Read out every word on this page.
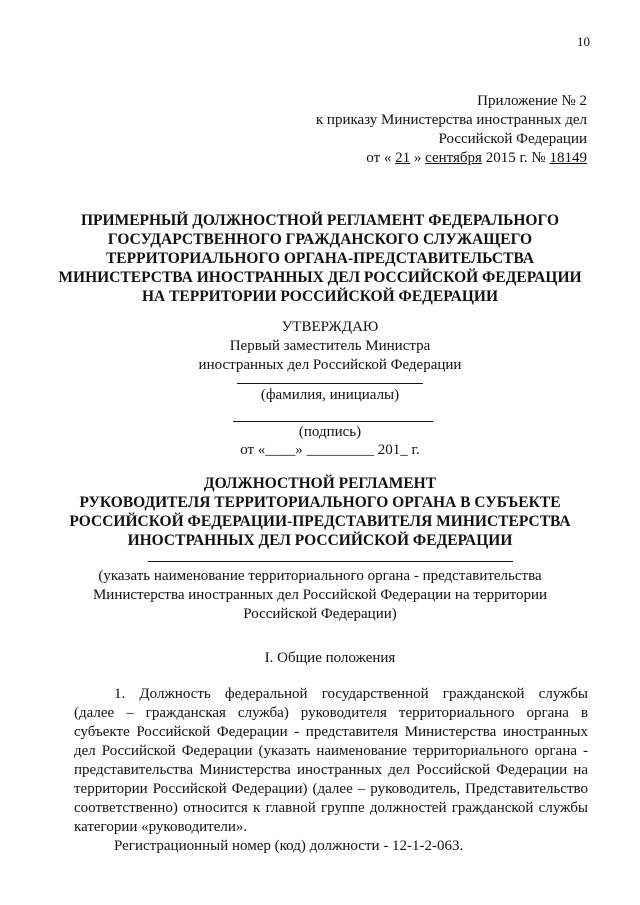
10
Приложение № 2
к приказу Министерства иностранных дел
Российской Федерации
от « 21 » сентября 2015 г. № 18149
ПРИМЕРНЫЙ ДОЛЖНОСТНОЙ РЕГЛАМЕНТ ФЕДЕРАЛЬНОГО
ГОСУДАРСТВЕННОГО ГРАЖДАНСКОГО СЛУЖАЩЕГО
ТЕРРИТОРИАЛЬНОГО ОРГАНА-ПРЕДСТАВИТЕЛЬСТВА
МИНИСТЕРСТВА ИНОСТРАННЫХ ДЕЛ РОССИЙСКОЙ ФЕДЕРАЦИИ
НА ТЕРРИТОРИИ РОССИЙСКОЙ ФЕДЕРАЦИИ
УТВЕРЖДАЮ
Первый заместитель Министра
иностранных дел Российской Федерации
(фамилия, инициалы)
(подпись)
от «____» _________ 201_ г.
ДОЛЖНОСТНОЙ РЕГЛАМЕНТ
РУКОВОДИТЕЛЯ ТЕРРИТОРИАЛЬНОГО ОРГАНА В СУБЪЕКТЕ
РОССИЙСКОЙ ФЕДЕРАЦИИ-ПРЕДСТАВИТЕЛЯ МИНИСТЕРСТВА
ИНОСТРАННЫХ ДЕЛ РОССИЙСКОЙ ФЕДЕРАЦИИ
(указать наименование территориального органа - представительства
Министерства иностранных дел Российской Федерации на территории
Российской Федерации)
I. Общие положения
1. Должность федеральной государственной гражданской службы
(далее – гражданская служба) руководителя территориального органа в
субъекте Российской Федерации - представителя Министерства иностранных
дел Российской Федерации (указать наименование территориального органа -
представительства Министерства иностранных дел Российской Федерации на
территории Российской Федерации) (далее – руководитель, Представительство
соответственно) относится к главной группе должностей гражданской службы
категории «руководители».
Регистрационный номер (код) должности - 12-1-2-063.
